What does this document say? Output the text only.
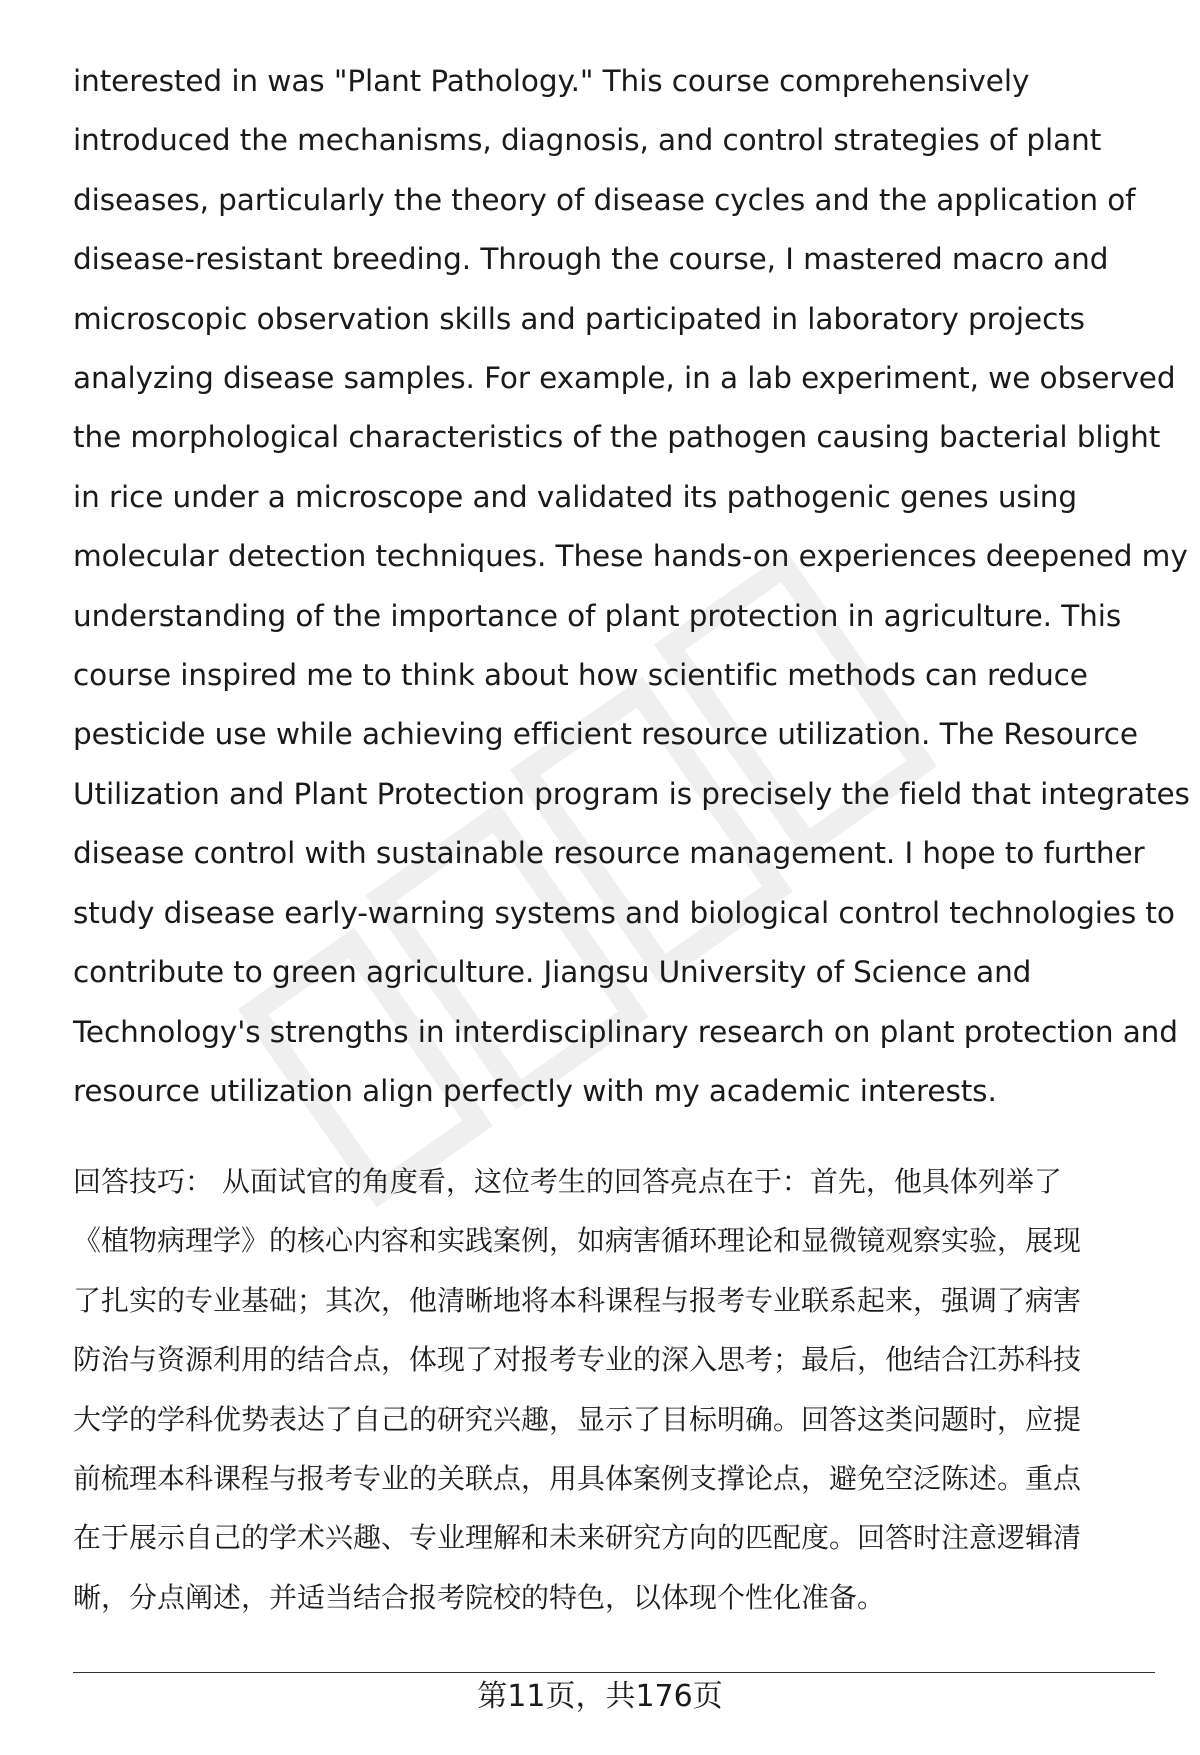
interested in was "Plant Pathology." This course comprehensively
introduced the mechanisms, diagnosis, and control strategies of plant
diseases, particularly the theory of disease cycles and the application of
disease-resistant breeding. Through the course, I mastered macro and
microscopic observation skills and participated in laboratory projects
analyzing disease samples. For example, in a lab experiment, we observed
the morphological characteristics of the pathogen causing bacterial blight
in rice under a microscope and validated its pathogenic genes using
molecular detection techniques. These hands-on experiences deepened my
understanding of the importance of plant protection in agriculture. This
course inspired me to think about how scientific methods can reduce
pesticide use while achieving efficient resource utilization. The Resource
Utilization and Plant Protection program is precisely the field that integrates
disease control with sustainable resource management. I hope to further
study disease early-warning systems and biological control technologies to
contribute to green agriculture. Jiangsu University of Science and
Technology's strengths in interdisciplinary research on plant protection and
resource utilization align perfectly with my academic interests.
回答技巧： 从面试官的角度看，这位考生的回答亮点在于：首先，他具体列举了
《植物病理学》的核心内容和实践案例，如病害循环理论和显微镜观察实验，展现
了扎实的专业基础；其次，他清晰地将本科课程与报考专业联系起来，强调了病害
防治与资源利用的结合点，体现了对报考专业的深入思考；最后，他结合江苏科技
大学的学科优势表达了自己的研究兴趣，显示了目标明确。回答这类问题时，应提
前梳理本科课程与报考专业的关联点，用具体案例支撑论点，避免空泛陈述。重点
在于展示自己的学术兴趣、专业理解和未来研究方向的匹配度。回答时注意逻辑清
晰，分点阐述，并适当结合报考院校的特色，以体现个性化准备。
第11页，共176页
